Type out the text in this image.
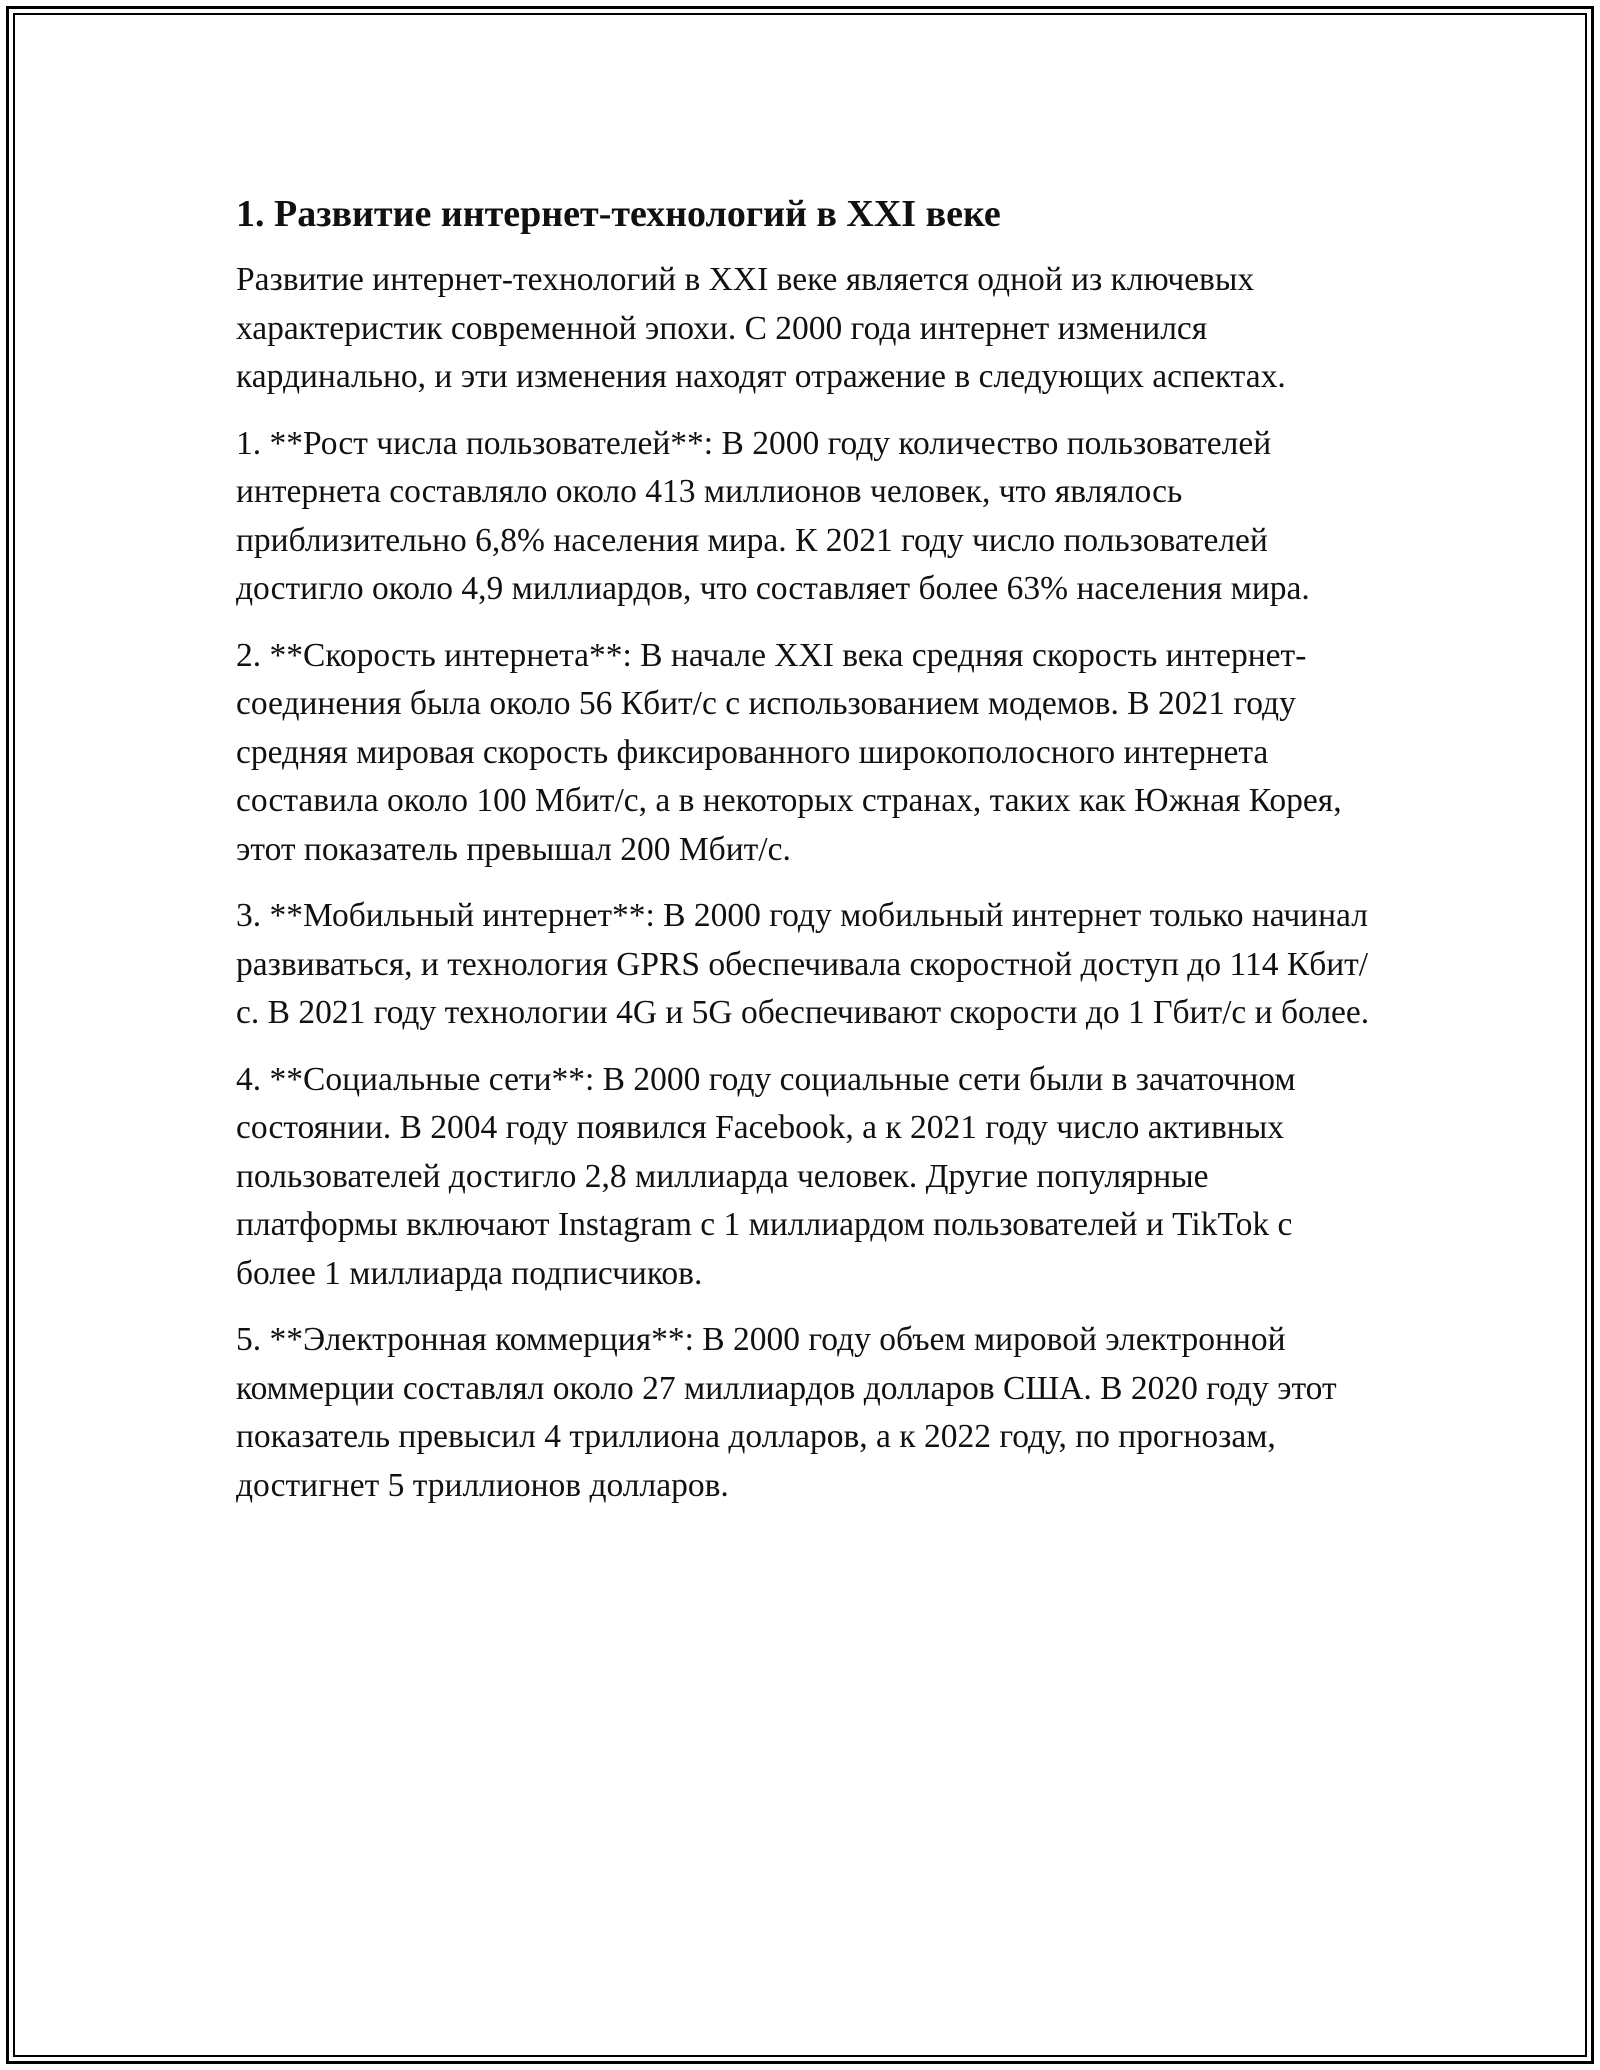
1. Развитие интернет-технологий в XXI веке

Развитие интернет-технологий в XXI веке является одной из ключевых характеристик современной эпохи. С 2000 года интернет изменился кардинально, и эти изменения находят отражение в следующих аспектах.

1. **Рост числа пользователей**: В 2000 году количество пользователей интернета составляло около 413 миллионов человек, что являлось приблизительно 6,8% населения мира. К 2021 году число пользователей достигло около 4,9 миллиардов, что составляет более 63% населения мира.

2. **Скорость интернета**: В начале XXI века средняя скорость интернет-соединения была около 56 Кбит/с с использованием модемов. В 2021 году средняя мировая скорость фиксированного широкополосного интернета составила около 100 Мбит/с, а в некоторых странах, таких как Южная Корея, этот показатель превышал 200 Мбит/с.

3. **Мобильный интернет**: В 2000 году мобильный интернет только начинал развиваться, и технология GPRS обеспечивала скоростной доступ до 114 Кбит/с. В 2021 году технологии 4G и 5G обеспечивают скорости до 1 Гбит/с и более.

4. **Социальные сети**: В 2000 году социальные сети были в зачаточном состоянии. В 2004 году появился Facebook, а к 2021 году число активных пользователей достигло 2,8 миллиарда человек. Другие популярные платформы включают Instagram с 1 миллиардом пользователей и TikTok с более 1 миллиарда подписчиков.

5. **Электронная коммерция**: В 2000 году объем мировой электронной коммерции составлял около 27 миллиардов долларов США. В 2020 году этот показатель превысил 4 триллиона долларов, а к 2022 году, по прогнозам, достигнет 5 триллионов долларов.
